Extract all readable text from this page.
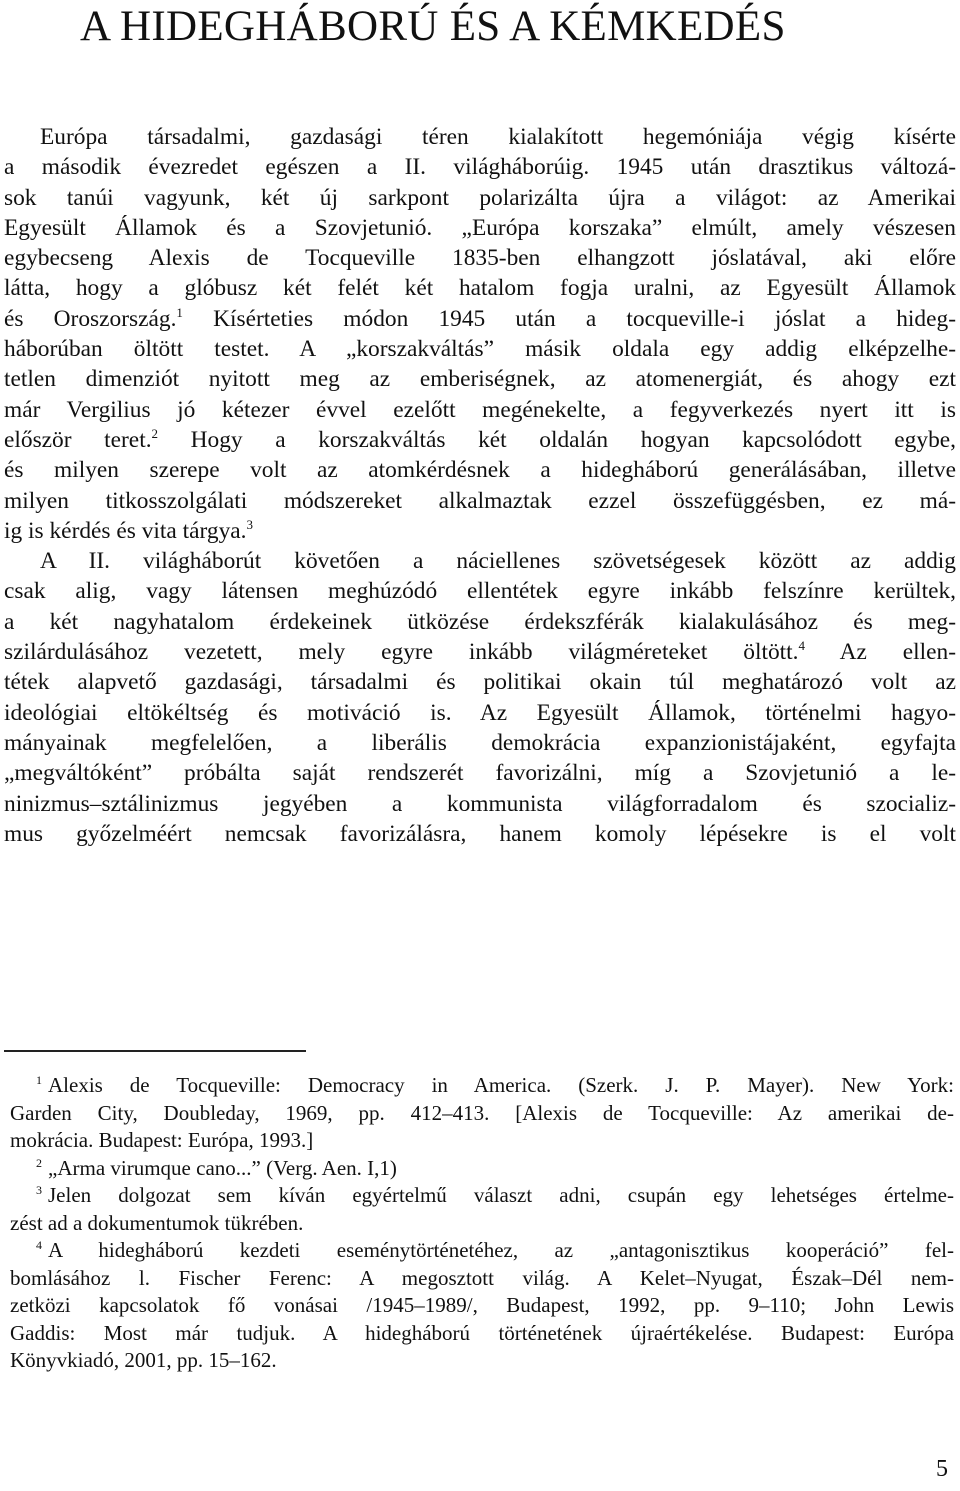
A HIDEGHÁBORÚ ÉS A KÉMKEDÉS
Európa társadalmi, gazdasági téren kialakított hegemóniája végig kísérte
a második évezredet egészen a II. világháborúig. 1945 után drasztikus változá-
sok tanúi vagyunk, két új sarkpont polarizálta újra a világot: az Amerikai
Egyesült Államok és a Szovjetunió. „Európa korszaka” elmúlt, amely vészesen
egybecseng Alexis de Tocqueville 1835-ben elhangzott jóslatával, aki előre
látta, hogy a glóbusz két felét két hatalom fogja uralni, az Egyesült Államok
és Oroszország.$^1$ Kísérteties módon 1945 után a tocqueville-i jóslat a hideg-
háborúban öltött testet. A „korszakváltás” másik oldala egy addig elképzelhe-
tetlen dimenziót nyitott meg az emberiségnek, az atomenergiát, és ahogy ezt
már Vergilius jó kétezer évvel ezelőtt megénekelte, a fegyverkezés nyert itt is
először teret.$^2$ Hogy a korszakváltás két oldalán hogyan kapcsolódott egybe,
és milyen szerepe volt az atomkérdésnek a hidegháború generálásában, illetve
milyen titkosszolgálati módszereket alkalmaztak ezzel összefüggésben, ez má-
ig is kérdés és vita tárgya.$^3$
A II. világháborút követően a náciellenes szövetségesek között az addig
csak alig, vagy látensen meghúzódó ellentétek egyre inkább felszínre kerültek,
a két nagyhatalom érdekeinek ütközése érdekszférák kialakulásához és meg-
szilárdulásához vezetett, mely egyre inkább világméreteket öltött.$^4$ Az ellen-
tétek alapvető gazdasági, társadalmi és politikai okain túl meghatározó volt az
ideológiai eltökéltség és motiváció is. Az Egyesült Államok, történelmi hagyo-
mányainak megfelelően, a liberális demokrácia expanzionistájaként, egyfajta
„megváltóként” próbálta saját rendszerét favorizálni, míg a Szovjetunió a le-
ninizmus–sztálinizmus jegyében a kommunista világforradalom és szocializ-
mus győzelméért nemcsak favorizálásra, hanem komoly lépésekre is el volt
$^1$ Alexis de Tocqueville: Democracy in America. (Szerk. J. P. Mayer). New York:
Garden City, Doubleday, 1969, pp. 412–413. [Alexis de Tocqueville: Az amerikai de-
mokrácia. Budapest: Európa, 1993.]
$^2$ „Arma virumque cano...” (Verg. Aen. I,1)
$^3$ Jelen dolgozat sem kíván egyértelmű választ adni, csupán egy lehetséges értelme-
zést ad a dokumentumok tükrében.
$^4$ A hidegháború kezdeti eseménytörténetéhez, az „antagonisztikus kooperáció” fel-
bomlásához l. Fischer Ferenc: A megosztott világ. A Kelet–Nyugat, Észak–Dél nem-
zetközi kapcsolatok fő vonásai /1945–1989/, Budapest, 1992, pp. 9–110; John Lewis
Gaddis: Most már tudjuk. A hidegháború történetének újraértékelése. Budapest: Európa
Könyvkiadó, 2001, pp. 15–162.
5
